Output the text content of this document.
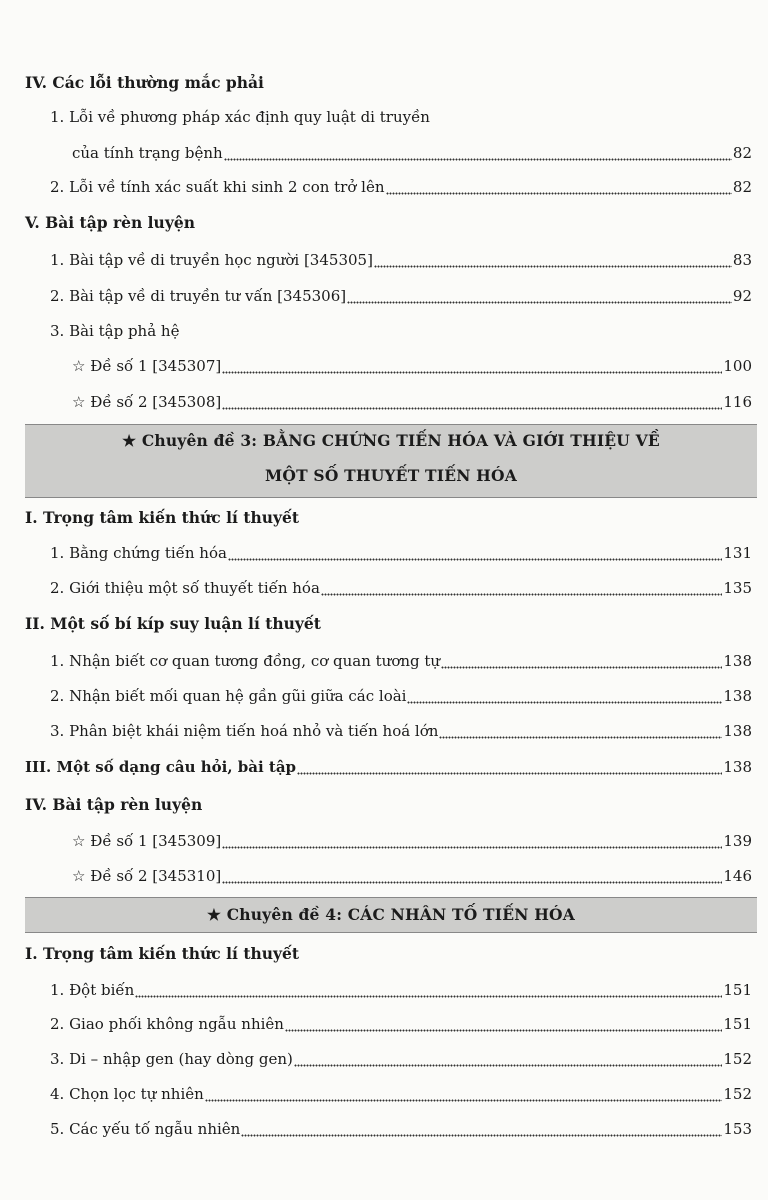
IV. Các lỗi thường mắc phải
1. Lỗi về phương pháp xác định quy luật di truyền
của tính trạng bệnh	82
2. Lỗi về tính xác suất khi sinh 2 con trở lên	82
V. Bài tập rèn luyện
1. Bài tập về di truyền học người [345305]	83
2. Bài tập về di truyền tư vấn [345306]	92
3. Bài tập phả hệ
☆ Đề số 1 [345307]	100
☆ Đề số 2 [345308]	116
★ Chuyên đề 3: BẰNG CHỨNG TIẾN HÓA VÀ GIỚI THIỆU VỀ
MỘT SỐ THUYẾT TIẾN HÓA
I. Trọng tâm kiến thức lí thuyết
1. Bằng chứng tiến hóa	131
2. Giới thiệu một số thuyết tiến hóa	135
II. Một số bí kíp suy luận lí thuyết
1. Nhận biết cơ quan tương đồng, cơ quan tương tự	138
2. Nhận biết mối quan hệ gần gũi giữa các loài	138
3. Phân biệt khái niệm tiến hoá nhỏ và tiến hoá lớn	138
III. Một số dạng câu hỏi, bài tập	138
IV. Bài tập rèn luyện
☆ Đề số 1 [345309]	139
☆ Đề số 2 [345310]	146
★ Chuyên đề 4: CÁC NHÂN TỐ TIẾN HÓA
I. Trọng tâm kiến thức lí thuyết
1. Đột biến	151
2. Giao phối không ngẫu nhiên	151
3. Di – nhập gen (hay dòng gen)	152
4. Chọn lọc tự nhiên	152
5. Các yếu tố ngẫu nhiên	153
